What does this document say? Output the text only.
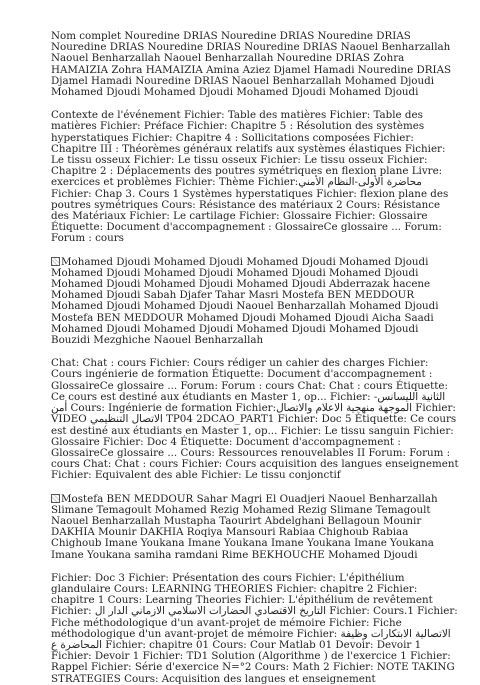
Nom complet Nouredine DRIAS Nouredine DRIAS Nouredine DRIAS Nouredine DRIAS Nouredine DRIAS Nouredine DRIAS Naouel Benharzallah Naouel Benharzallah Naouel Benharzallah Nouredine DRIAS Zohra HAMAIZIA Zohra HAMAIZIA Amina Aziez Djamel Hamadi Nouredine DRIAS Djamel Hamadi Nouredine DRIAS Naouel Benharzallah Mohamed Djoudi Mohamed Djoudi Mohamed Djoudi Mohamed Djoudi Mohamed Djoudi

Contexte de l'événement Fichier: Table des matières Fichier: Table des matières Fichier: Préface Fichier: Chapitre 5 : Résolution des systèmes hyperstatiques Fichier: Chapitre 4 : Sollicitations composées Fichier: Chapitre III : Théorèmes généraux relatifs aux systèmes élastiques Fichier: Le tissu osseux Fichier: Le tissu osseux Fichier: Le tissu osseux Fichier: Chapitre 2 : Déplacements des poutres symétriques en flexion plane Livre: exercices et problèmes Fichier: Thème Fichier:محاضرة الأولى-النظام الأمني Fichier: Chap 3. Cours 1 Systèmes hyperstatiques Fichier: flexion plane des poutres symétriques Cours: Résistance des matériaux 2 Cours: Résistance des Matériaux Fichier: Le cartilage Fichier: Glossaire Fichier: Glossaire Étiquette: Document d'accompagnement : GlossaireCe glossaire ... Forum: Forum : cours

Mohamed Djoudi Mohamed Djoudi Mohamed Djoudi Mohamed Djoudi Mohamed Djoudi Mohamed Djoudi Mohamed Djoudi Mohamed Djoudi Mohamed Djoudi Mohamed Djoudi Mohamed Djoudi Abderrazak hacene Mohamed Djoudi Sabah Djafer Tahar Masri Mostefa BEN MEDDOUR Mohamed Djoudi Mohamed Djoudi Naouel Benharzallah Mohamed Djoudi Mostefa BEN MEDDOUR Mohamed Djoudi Mohamed Djoudi Aicha Saadi Mohamed Djoudi Mohamed Djoudi Mohamed Djoudi Mohamed Djoudi Bouzidi Mezghiche Naouel Benharzallah

Chat: Chat : cours Fichier: Cours rédiger un cahier des charges Fichier: Cours ingénierie de formation Étiquette: Document d'accompagnement : GlossaireCe glossaire ... Forum: Forum : cours Chat: Chat : cours Étiquette: Ce cours est destiné aux étudiants en Master 1, op... Fichier: الثانية الليسانس-أمن Cours: Ingénierie de formation Fichier:الموجهة منهجية الاعلام والاتصال Fichier: VIDEO الاتصال التنظيمي TP04 2DCAO_PART1 Fichier: Doc 5 Étiquette: Ce cours est destiné aux étudiants en Master 1, op... Fichier: Le tissu sanguin Fichier: Glossaire Fichier: Doc 4 Étiquette: Document d'accompagnement : GlossaireCe glossaire ... Cours: Ressources renouvelables II Forum: Forum : cours Chat: Chat : cours Fichier: Cours acquisition des langues enseignement Fichier: Equivalent des able Fichier: Le tissu conjonctif

Mostefa BEN MEDDOUR Sahar Magri El Ouadjeri Naouel Benharzallah Slimane Temagoult Mohamed Rezig Mohamed Rezig Slimane Temagoult Naouel Benharzallah Mustapha Taourirt Abdelghani Bellagoun Mounir DAKHIA Mounir DAKHIA Roqiya Mansouri Rabiaa Chighoub Rabiaa Chighoub Imane Youkana Imane Youkana Imane Youkana Imane Youkana Imane Youkana samiha ramdani Rime BEKHOUCHE Mohamed Djoudi

Fichier: Doc 3 Fichier: Présentation des cours Fichier: L'épithélium glandulaire Cours: LEARNING THEORIES Fichier: chapitre 2 Fichier: chapitre 1 Cours: Learning Theories Fichier: L'épithélium de revêtement Fichier: التاريخ الاقتصادي الحضارات الاسلامي الازماني الدار ال Fichier: Cours.1 Fichier: Fiche méthodologique d'un avant-projet de mémoire Fichier: Fiche méthodologique d'un avant-projet de mémoire Fichier: الاتصالية الابتكارات وظيفة المحاضرة ع Fichier: chapitre 01 Cours: Cour Matlab 01 Devoir: Devoir 1 Fichier: Devoir 1 Fichier: TD1 Solution (Algorithme ) de l'exercice 1 Fichier: Rappel Fichier: Série d'exercice N=°2 Cours: Math 2 Fichier: NOTE TAKING STRATEGIES Cours: Acquisition des langues et enseignement
